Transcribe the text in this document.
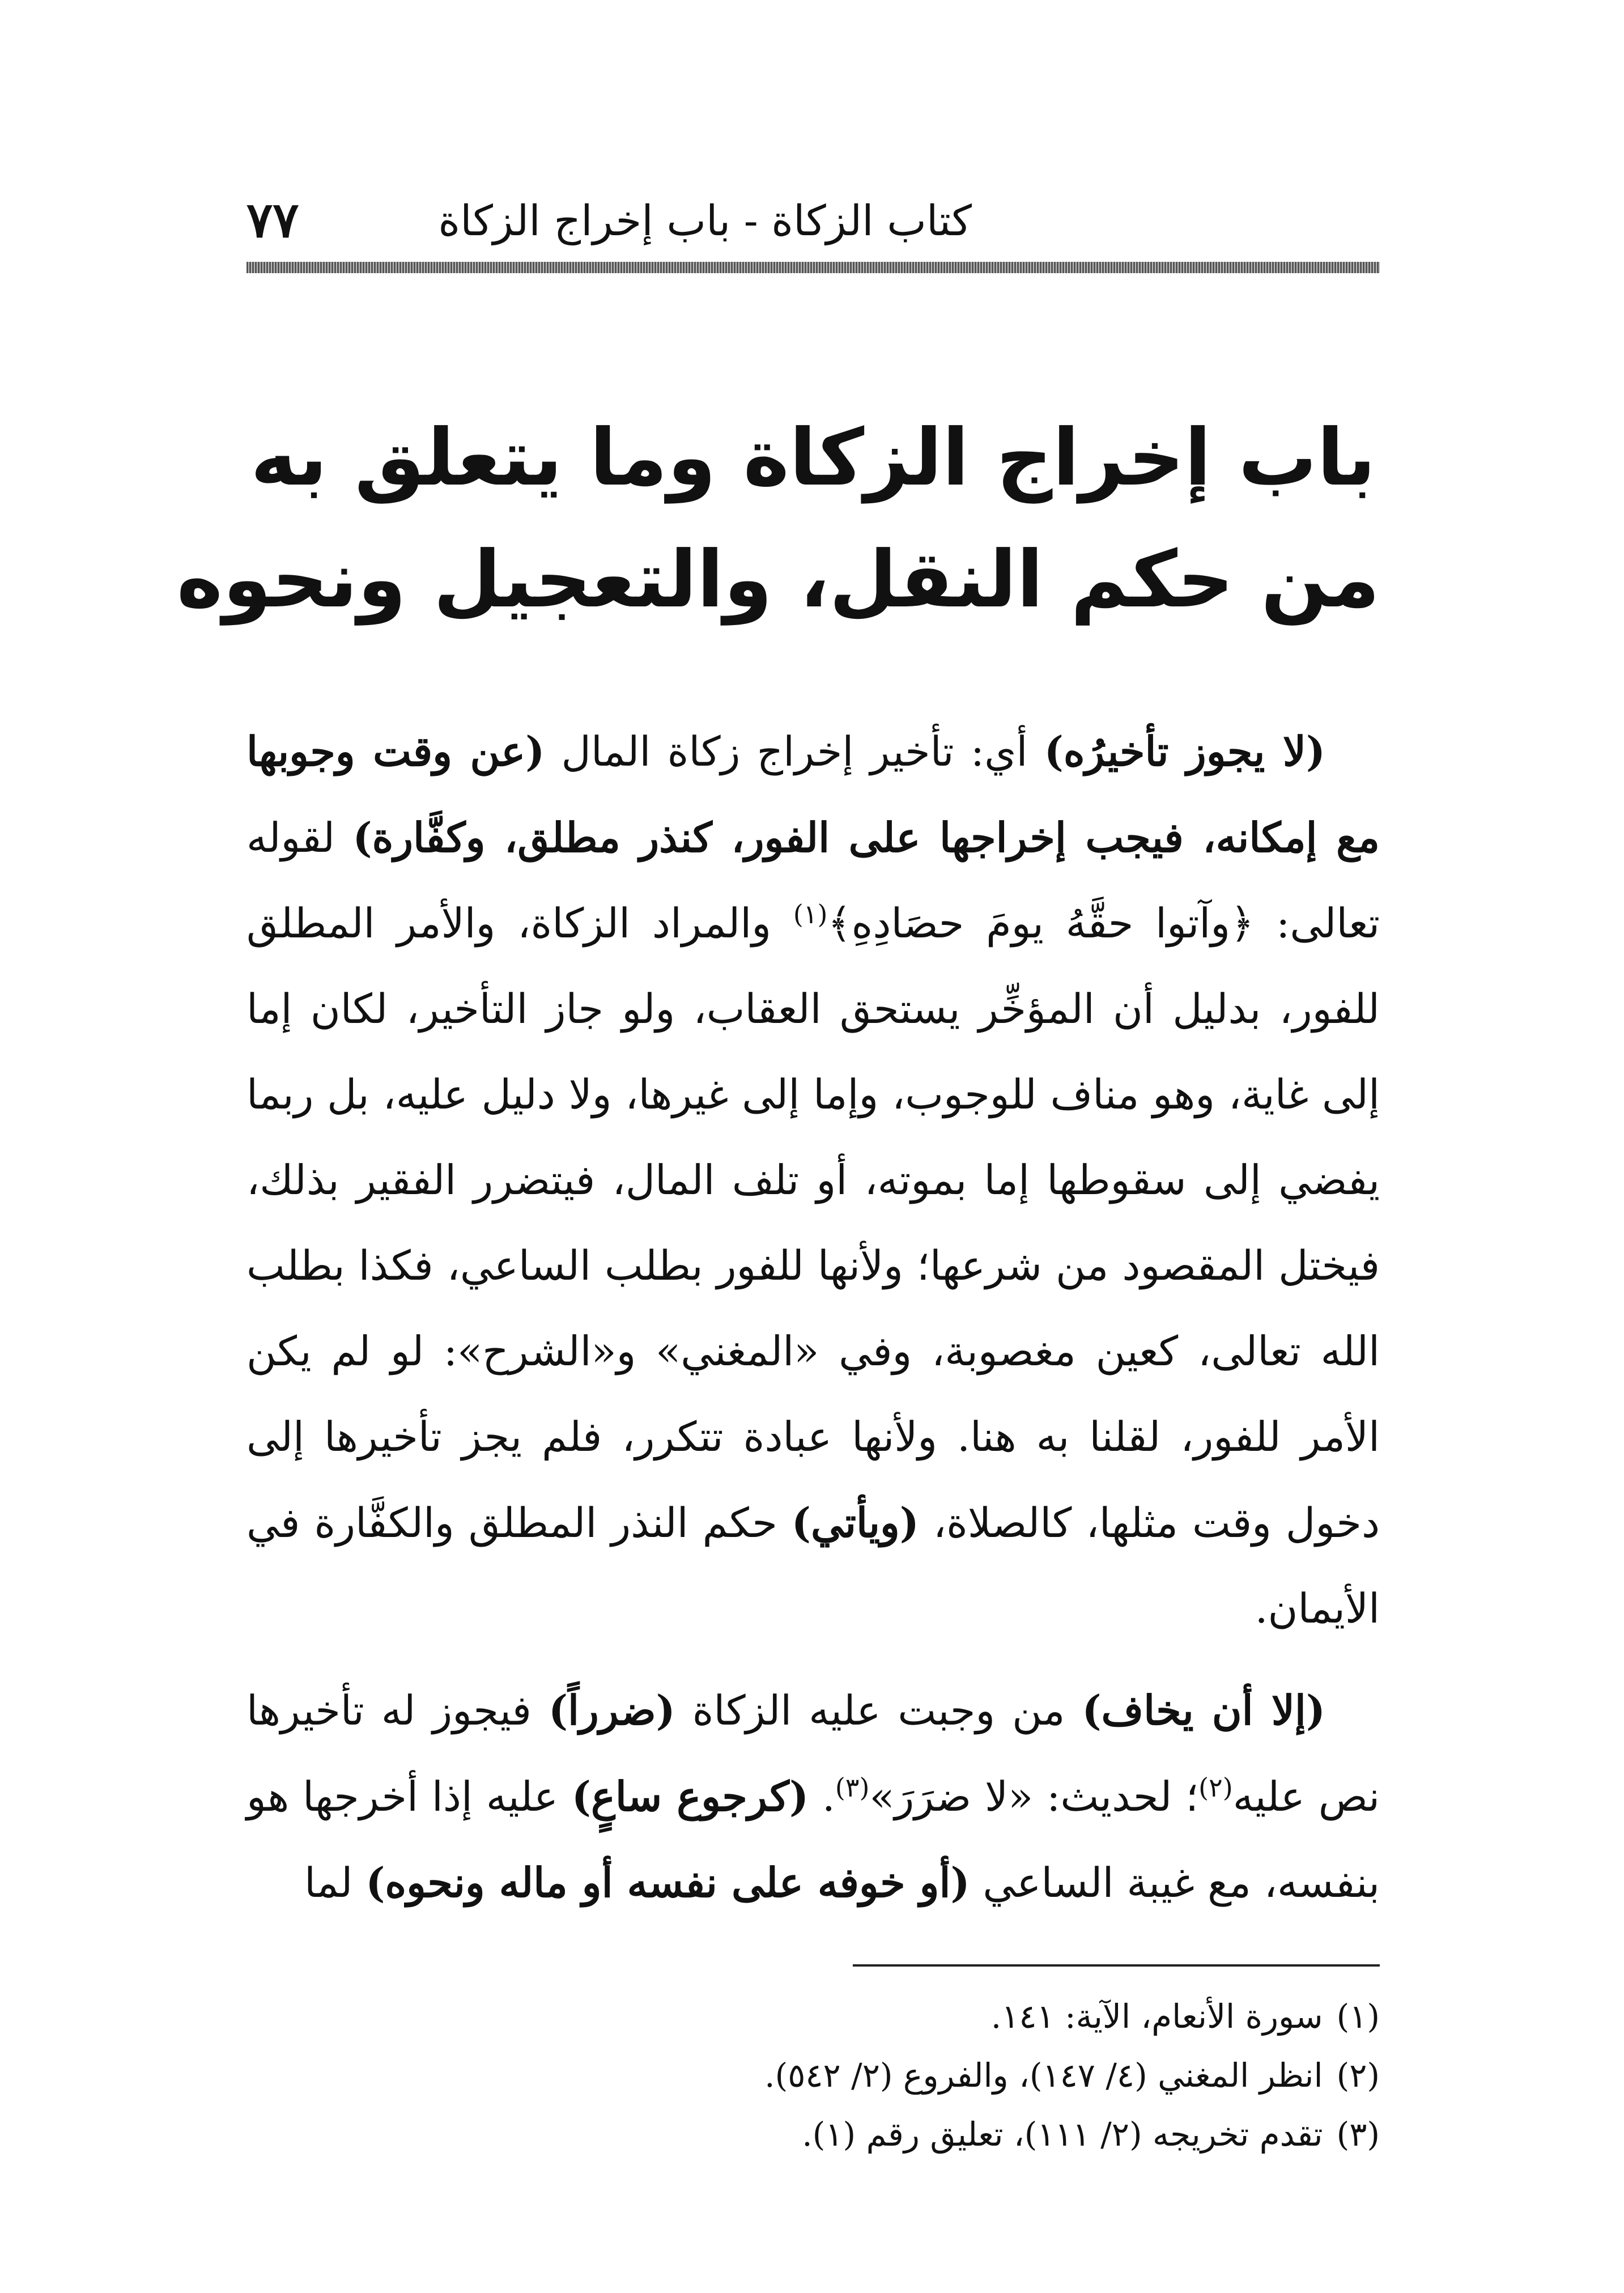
كتاب الزكاة - باب إخراج الزكاة
٧٧
باب إخراج الزكاة وما يتعلق به
من حكم النقل، والتعجيل ونحوه

(لا يجوز تأخيرُه) أي: تأخير إخراج زكاة المال (عن وقت وجوبها مع إمكانه، فيجب إخراجها على الفور، كنذر مطلق، وكفَّارة) لقوله تعالى: ﴿وآتوا حقَّهُ يومَ حصَادِهِ﴾$^{(١)}$ والمراد الزكاة، والأمر المطلق للفور، بدليل أن المؤخِّر يستحق العقاب، ولو جاز التأخير، لكان إما إلى غاية، وهو مناف للوجوب، وإما إلى غيرها، ولا دليل عليه، بل ربما يفضي إلى سقوطها إما بموته، أو تلف المال، فيتضرر الفقير بذلك، فيختل المقصود من شرعها؛ ولأنها للفور بطلب الساعي، فكذا بطلب الله تعالى، كعين مغصوبة، وفي «المغني» و«الشرح»: لو لم يكن الأمر للفور، لقلنا به هنا. ولأنها عبادة تتكرر، فلم يجز تأخيرها إلى دخول وقت مثلها، كالصلاة، (ويأتي) حكم النذر المطلق والكفَّارة في الأيمان.

(إلا أن يخاف) من وجبت عليه الزكاة (ضرراً) فيجوز له تأخيرها نص عليه$^{(٢)}$؛ لحديث: «لا ضرَرَ»$^{(٣)}$. (كرجوع ساعٍ) عليه إذا أخرجها هو بنفسه، مع غيبة الساعي (أو خوفه على نفسه أو ماله ونحوه) لما

(١)سورة الأنعام، الآية: ١٤١.
(٢)انظر المغني (٤/ ١٤٧)، والفروع (٢/ ٥٤٢).
(٣)تقدم تخريجه (٢/ ١١١)، تعليق رقم (١).
